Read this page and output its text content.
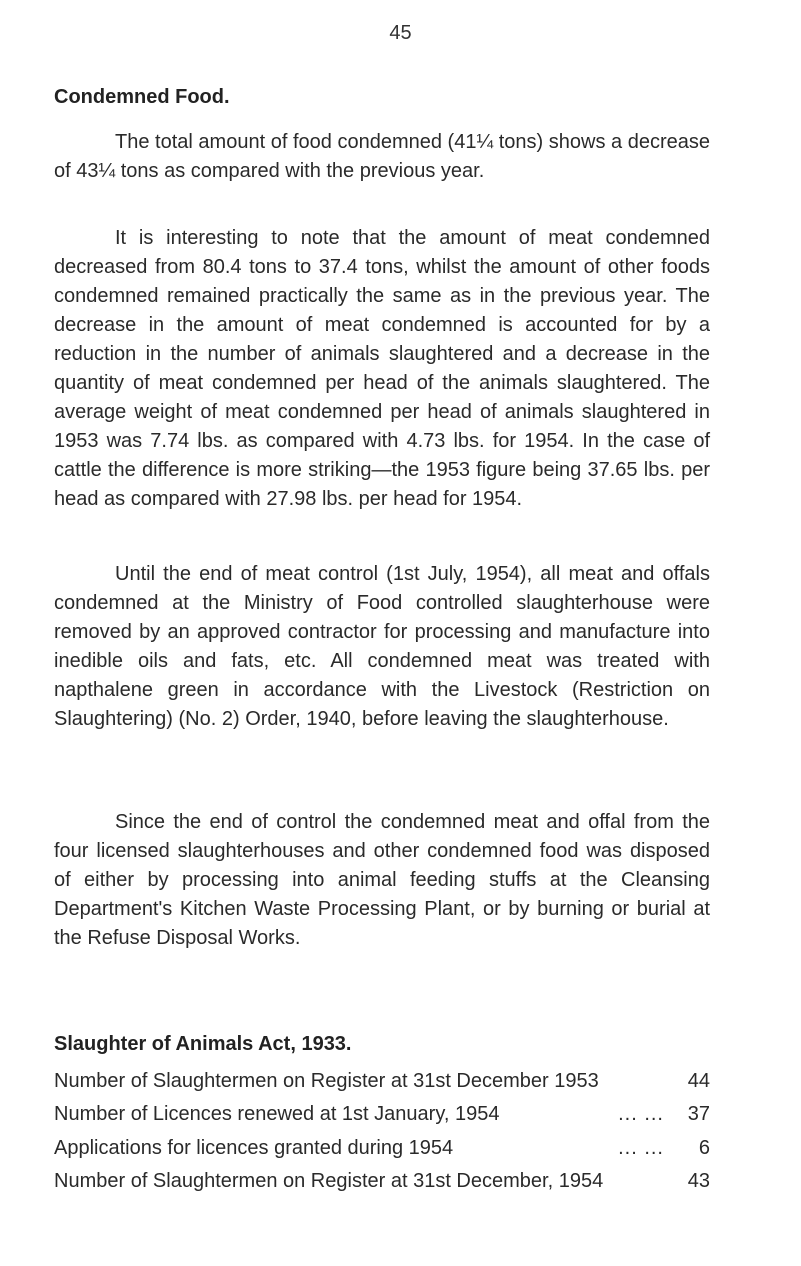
45
Condemned Food.

The total amount of food condemned (41¼ tons) shows a decrease of 43¼ tons as compared with the previous year.

It is interesting to note that the amount of meat condemned decreased from 80.4 tons to 37.4 tons, whilst the amount of other foods condemned remained practically the same as in the previous year. The decrease in the amount of meat condemned is accounted for by a reduction in the number of animals slaughtered and a decrease in the quantity of meat condemned per head of the animals slaughtered. The average weight of meat condemned per head of animals slaughtered in 1953 was 7.74 lbs. as compared with 4.73 lbs. for 1954. In the case of cattle the difference is more striking—the 1953 figure being 37.65 lbs. per head as compared with 27.98 lbs. per head for 1954.

Until the end of meat control (1st July, 1954), all meat and offals condemned at the Ministry of Food controlled slaughterhouse were removed by an approved contractor for processing and manufacture into inedible oils and fats, etc. All condemned meat was treated with napthalene green in accordance with the Livestock (Restriction on Slaughtering) (No. 2) Order, 1940, before leaving the slaughterhouse.

Since the end of control the condemned meat and offal from the four licensed slaughterhouses and other condemned food was disposed of either by processing into animal feeding stuffs at the Cleansing Department's Kitchen Waste Processing Plant, or by burning or burial at the Refuse Disposal Works.

Slaughter of Animals Act, 1933.
Number of Slaughtermen on Register at 31st December 1953	44
Number of Licences renewed at 1st January, 1954	... ...	37
Applications for licences granted during 1954	... ...	6
Number of Slaughtermen on Register at 31st December, 1954	43
